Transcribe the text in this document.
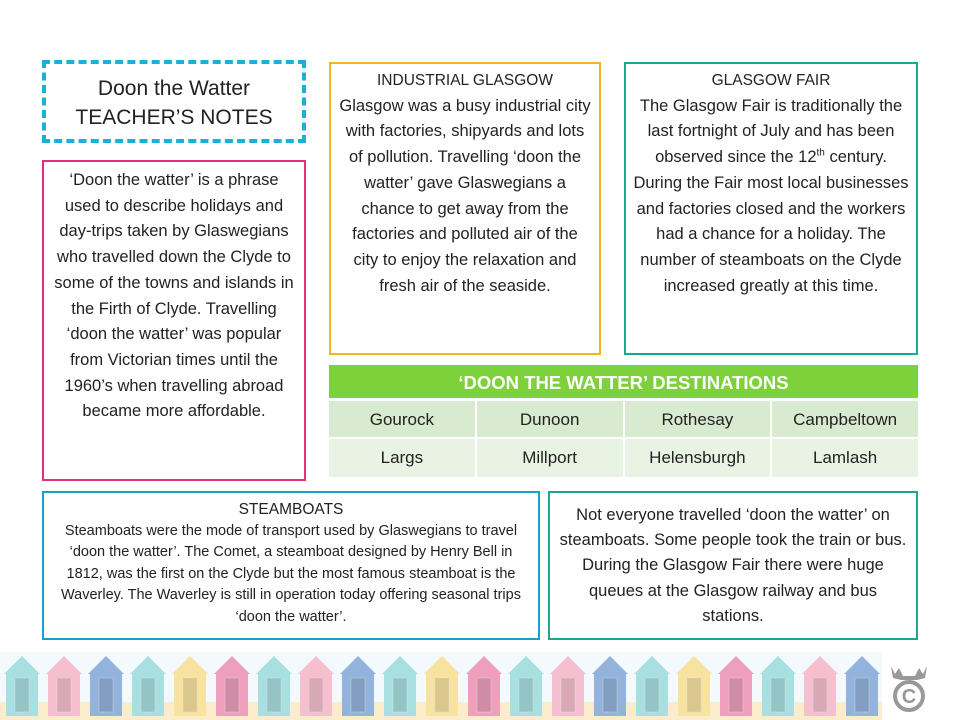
Doon the Watter
TEACHER’S NOTES

‘Doon the watter’ is a phrase used to describe holidays and day-trips taken by Glaswegians who travelled down the Clyde to some of the towns and islands in the Firth of Clyde. Travelling ‘doon the watter’ was popular from Victorian times until the 1960’s when travelling abroad became more affordable.

INDUSTRIAL GLASGOW

Glasgow was a busy industrial city with factories, shipyards and lots of pollution. Travelling ‘doon the watter’ gave Glaswegians a chance to get away from the factories and polluted air of the city to enjoy the relaxation and fresh air of the seaside.

GLASGOW FAIR

The Glasgow Fair is traditionally the last fortnight of July and has been observed since the 12th century. During the Fair most local businesses and factories closed and the workers had a chance for a holiday. The number of steamboats on the Clyde increased greatly at this time.

‘DOON THE WATTER’ DESTINATIONS
Gourock	Dunoon	Rothesay	Campbeltown
Largs	Millport	Helensburgh	Lamlash
STEAMBOATS

Steamboats were the mode of transport used by Glaswegians to travel ‘doon the watter’. The Comet, a steamboat designed by Henry Bell in 1812, was the first on the Clyde but the most famous steamboat is the Waverley. The Waverley is still in operation today offering seasonal trips ‘doon the watter’.

Not everyone travelled ‘doon the watter’ on steamboats. Some people took the train or bus. During the Glasgow Fair there were huge queues at the Glasgow railway and bus stations.

C
